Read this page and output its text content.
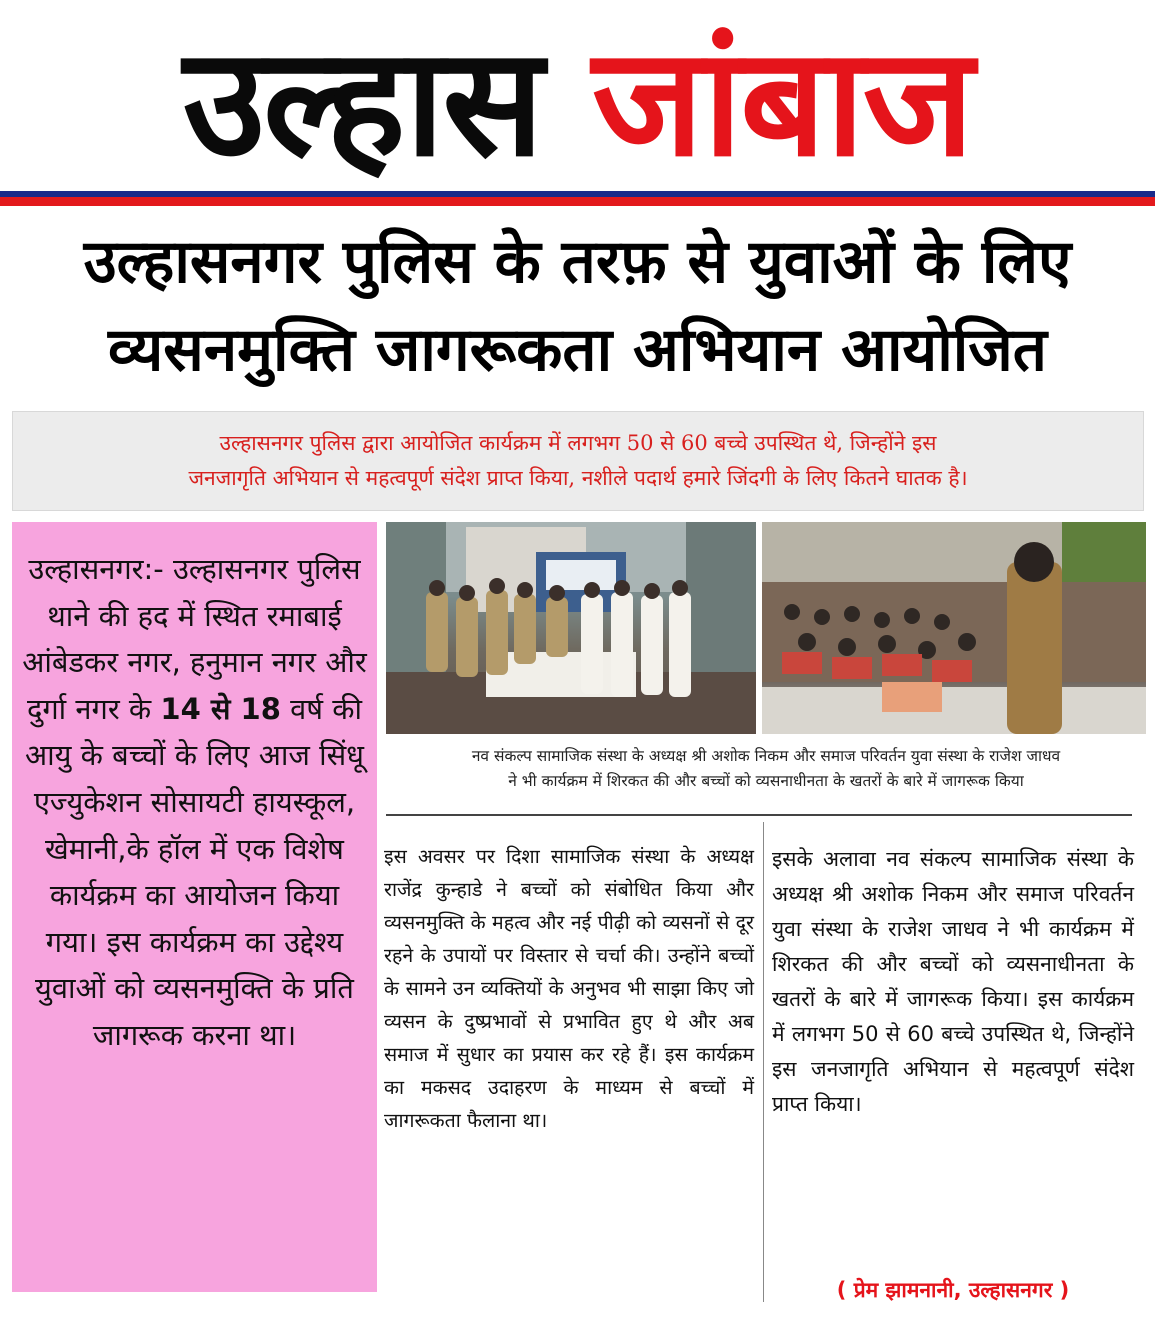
उल्हास जांबाज
उल्हासनगर पुलिस के तरफ़ से युवाओं के लिए
व्यसनमुक्ति जागरूकता अभियान आयोजित

उल्हासनगर पुलिस द्वारा आयोजित कार्यक्रम में लगभग 50 से 60 बच्चे उपस्थित थे, जिन्होंने इस

जनजागृति अभियान से महत्वपूर्ण संदेश प्राप्त किया, नशीले पदार्थ हमारे जिंदगी के लिए कितने घातक है।

उल्हासनगर:- उल्हासनगर पुलिस थाने की हद में स्थित रमाबाई आंबेडकर नगर, हनुमान नगर और दुर्गा नगर के 14 से 18 वर्ष की आयु के बच्चों के लिए आज सिंधू एज्युकेशन सोसायटी हायस्कूल, खेमानी,के हॉल में एक विशेष कार्यक्रम का आयोजन किया गया। इस कार्यक्रम का उद्देश्य युवाओं को व्यसनमुक्ति के प्रति जागरूक करना था।

नव संकल्प सामाजिक संस्था के अध्यक्ष श्री अशोक निकम और समाज परिवर्तन युवा संस्था के राजेश जाधव
ने भी कार्यक्रम में शिरकत की और बच्चों को व्यसनाधीनता के खतरों के बारे में जागरूक किया

इस अवसर पर दिशा सामाजिक संस्था के अध्यक्ष राजेंद्र कुन्हाडे ने बच्चों को संबोधित किया और व्यसनमुक्ति के महत्व और नई पीढ़ी को व्यसनों से दूर रहने के उपायों पर विस्तार से चर्चा की। उन्होंने बच्चों के सामने उन व्यक्तियों के अनुभव भी साझा किए जो व्यसन के दुष्प्रभावों से प्रभावित हुए थे और अब समाज में सुधार का प्रयास कर रहे हैं। इस कार्यक्रम का मकसद उदाहरण के माध्यम से बच्चों में जागरूकता फैलाना था।

इसके अलावा नव संकल्प सामाजिक संस्था के अध्यक्ष श्री अशोक निकम और समाज परिवर्तन युवा संस्था के राजेश जाधव ने भी कार्यक्रम में शिरकत की और बच्चों को व्यसनाधीनता के खतरों के बारे में जागरूक किया। इस कार्यक्रम में लगभग 50 से 60 बच्चे उपस्थित थे, जिन्होंने इस जनजागृति अभियान से महत्वपूर्ण संदेश प्राप्त किया।

( प्रेम झामनानी, उल्हासनगर )
